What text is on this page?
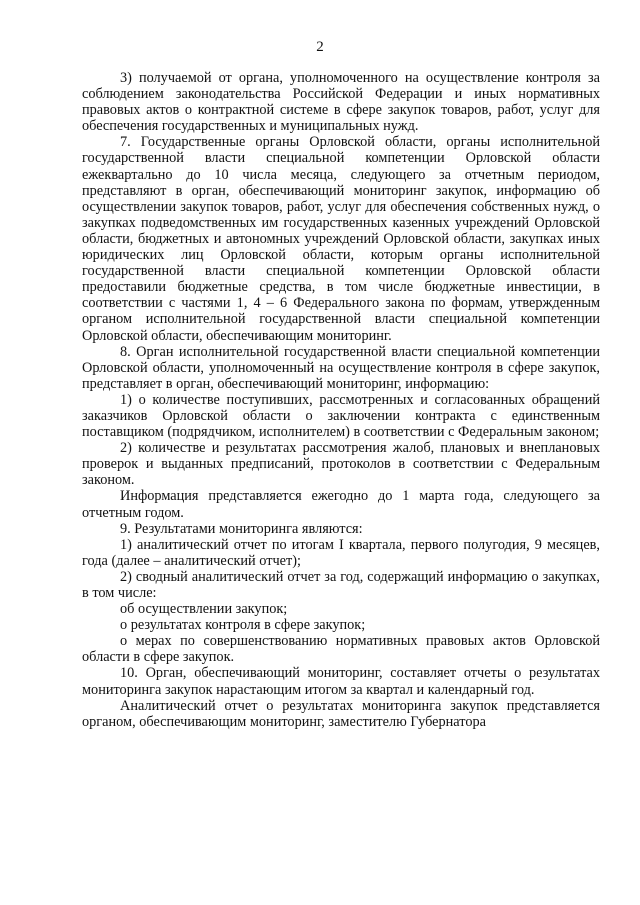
2

3) получаемой от органа, уполномоченного на осуществление контроля за соблюдением законодательства Российской Федерации и иных нормативных правовых актов о контрактной системе в сфере закупок товаров, работ, услуг для обеспечения государственных и муниципальных нужд.

7. Государственные органы Орловской области, органы исполнительной государственной власти специальной компетенции Орловской области ежеквартально до 10 числа месяца, следующего за отчетным периодом, представляют в орган, обеспечивающий мониторинг закупок, информацию об осуществлении закупок товаров, работ, услуг для обеспечения собственных нужд, о закупках подведомственных им государственных казенных учреждений Орловской области, бюджетных и автономных учреждений Орловской области, закупках иных юридических лиц Орловской области, которым органы исполнительной государственной власти специальной компетенции Орловской области предоставили бюджетные средства, в том числе бюджетные инвестиции, в соответствии с частями 1, 4 – 6 Федерального закона по формам, утвержденным органом исполнительной государственной власти специальной компетенции Орловской области, обеспечивающим мониторинг.

8. Орган исполнительной государственной власти специальной компетенции Орловской области, уполномоченный на осуществление контроля в сфере закупок, представляет в орган, обеспечивающий мониторинг, информацию:

1) о количестве поступивших, рассмотренных и согласованных обращений заказчиков Орловской области о заключении контракта с единственным поставщиком (подрядчиком, исполнителем) в соответствии с Федеральным законом;

2) количестве и результатах рассмотрения жалоб, плановых и внеплановых проверок и выданных предписаний, протоколов в соответствии с Федеральным законом.

Информация представляется ежегодно до 1 марта года, следующего за отчетным годом.

9. Результатами мониторинга являются:

1) аналитический отчет по итогам I квартала, первого полугодия, 9 месяцев, года (далее – аналитический отчет);

2) сводный аналитический отчет за год, содержащий информацию о закупках, в том числе:

об осуществлении закупок;

о результатах контроля в сфере закупок;

о мерах по совершенствованию нормативных правовых актов Орловской области в сфере закупок.

10. Орган, обеспечивающий мониторинг, составляет отчеты о результатах мониторинга закупок нарастающим итогом за квартал и календарный год.

Аналитический отчет о результатах мониторинга закупок представляется органом, обеспечивающим мониторинг, заместителю Губернатора
